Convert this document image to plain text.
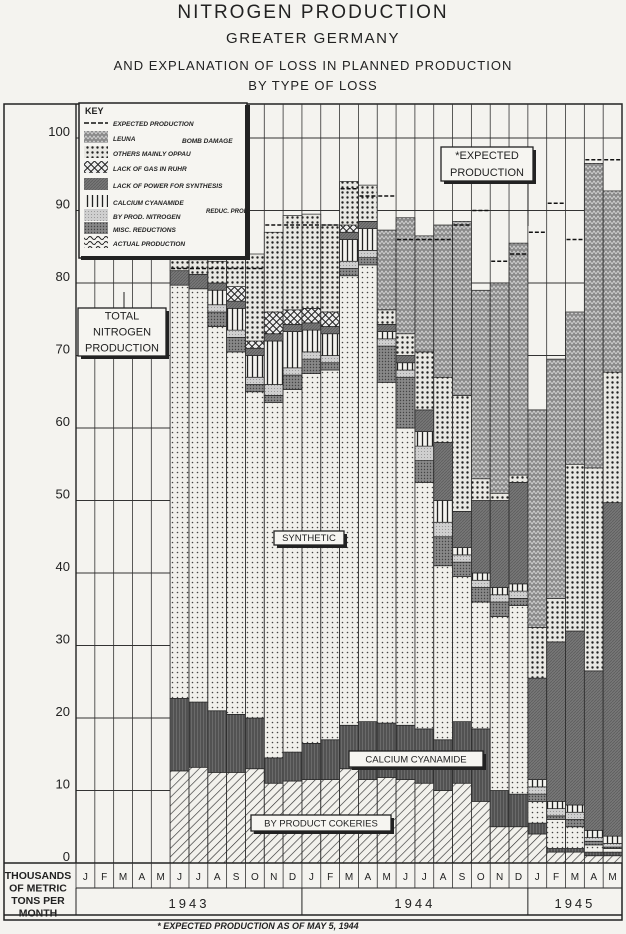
NITROGEN PRODUCTION
GREATER GERMANY
AND EXPLANATION OF LOSS IN PLANNED PRODUCTION
BY TYPE OF LOSS
0
10
20
30
40
50
60
70
80
90
100
J F M A M J J A S O N D J F M A M J J A S O N D J F M A M
1943	1944	1945
THOUSANDS
OF METRIC
TONS PER
MONTH
KEY
EXPECTED PRODUCTION
LEUNA
OTHERS MAINLY OPPAU
LACK OF GAS IN RUHR
LACK OF POWER FOR SYNTHESIS
CALCIUM CYANAMIDE
BY PROD. NITROGEN
MISC. REDUCTIONS
ACTUAL PRODUCTION
BOMB DAMAGE
REDUC. PROD.
TOTAL
NITROGEN
PRODUCTION
*EXPECTED
PRODUCTION
SYNTHETIC
CALCIUM CYANAMIDE
BY PRODUCT COKERIES
* EXPECTED PRODUCTION AS OF MAY 5, 1944
